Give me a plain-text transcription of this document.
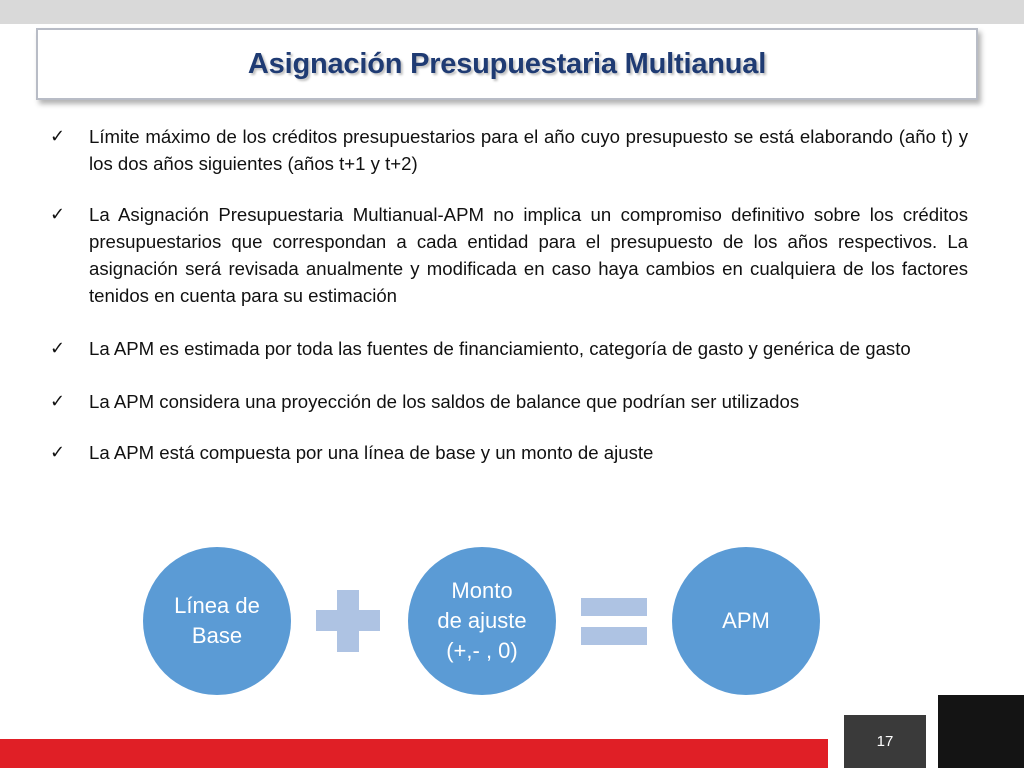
Asignación Presupuestaria Multianual
✓ Límite máximo de los créditos presupuestarios para el año cuyo presupuesto se está elaborando (año t) y los dos años siguientes (años t+1 y t+2)
✓ La Asignación Presupuestaria Multianual-APM no implica un compromiso definitivo sobre los créditos presupuestarios que correspondan a cada entidad para el presupuesto de los años respectivos. La asignación será revisada anualmente y modificada en caso haya cambios en cualquiera de los factores tenidos en cuenta para su estimación
✓ La APM es estimada por toda las fuentes de financiamiento, categoría de gasto y genérica de gasto
✓ La APM considera una proyección de los saldos de balance que podrían ser utilizados
✓ La APM está compuesta por una línea de base y un monto de ajuste
Línea de
Base
Monto
de ajuste
(+,- , 0)
APM
17
